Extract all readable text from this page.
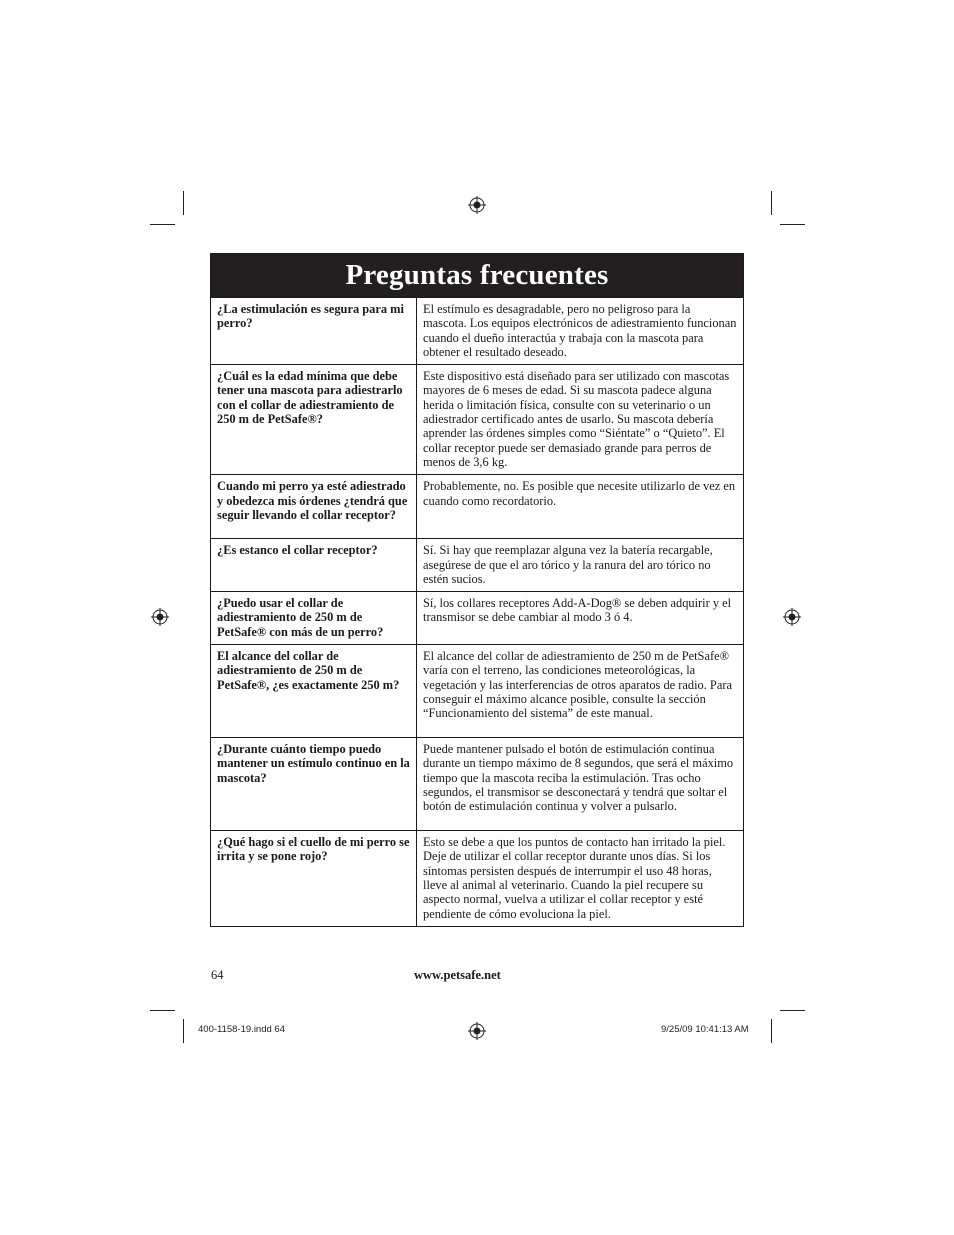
Preguntas frecuentes
¿La estimulación es segura para mi perro?	El estímulo es desagradable, pero no peligroso para la mascota. Los equipos electrónicos de adiestramiento funcionan cuando el dueño interactúa y trabaja con la mascota para obtener el resultado deseado.
¿Cuál es la edad mínima que debe tener una mascota para adiestrarlo con el collar de adiestramiento de 250 m de PetSafe®?	Este dispositivo está diseñado para ser utilizado con mascotas mayores de 6 meses de edad. Si su mascota padece alguna herida o limitación física, consulte con su veterinario o un adiestrador certificado antes de usarlo. Su mascota debería aprender las órdenes simples como “Siéntate” o “Quieto”. El collar receptor puede ser demasiado grande para perros de menos de 3,6 kg.
Cuando mi perro ya esté adiestrado y obedezca mis órdenes ¿tendrá que seguir llevando el collar receptor?	Probablemente, no. Es posible que necesite utilizarlo de vez en cuando como recordatorio.
¿Es estanco el collar receptor?	Sí. Si hay que reemplazar alguna vez la batería recargable, asegúrese de que el aro tórico y la ranura del aro tórico no estén sucios.
¿Puedo usar el collar de adiestramiento de 250 m de PetSafe® con más de un perro?	Sí, los collares receptores Add-A-Dog® se deben adquirir y el transmisor se debe cambiar al modo 3 ó 4.
El alcance del collar de adiestramiento de 250 m de PetSafe®, ¿es exactamente 250 m?	El alcance del collar de adiestramiento de 250 m de PetSafe® varía con el terreno, las condiciones meteorológicas, la vegetación y las interferencias de otros aparatos de radio. Para conseguir el máximo alcance posible, consulte la sección “Funcionamiento del sistema” de este manual.
¿Durante cuánto tiempo puedo mantener un estímulo continuo en la mascota?	Puede mantener pulsado el botón de estimulación continua durante un tiempo máximo de 8 segundos, que será el máximo tiempo que la mascota reciba la estimulación. Tras ocho segundos, el transmisor se desconectará y tendrá que soltar el botón de estimulación continua y volver a pulsarlo.
¿Qué hago si el cuello de mi perro se irrita y se pone rojo?	Esto se debe a que los puntos de contacto han irritado la piel. Deje de utilizar el collar receptor durante unos días. Si los síntomas persisten después de interrumpir el uso 48 horas, lleve al animal al veterinario. Cuando la piel recupere su aspecto normal, vuelva a utilizar el collar receptor y esté pendiente de cómo evoluciona la piel.
64	www.petsafe.net
400-1158-19.indd 64	9/25/09 10:41:13 AM
